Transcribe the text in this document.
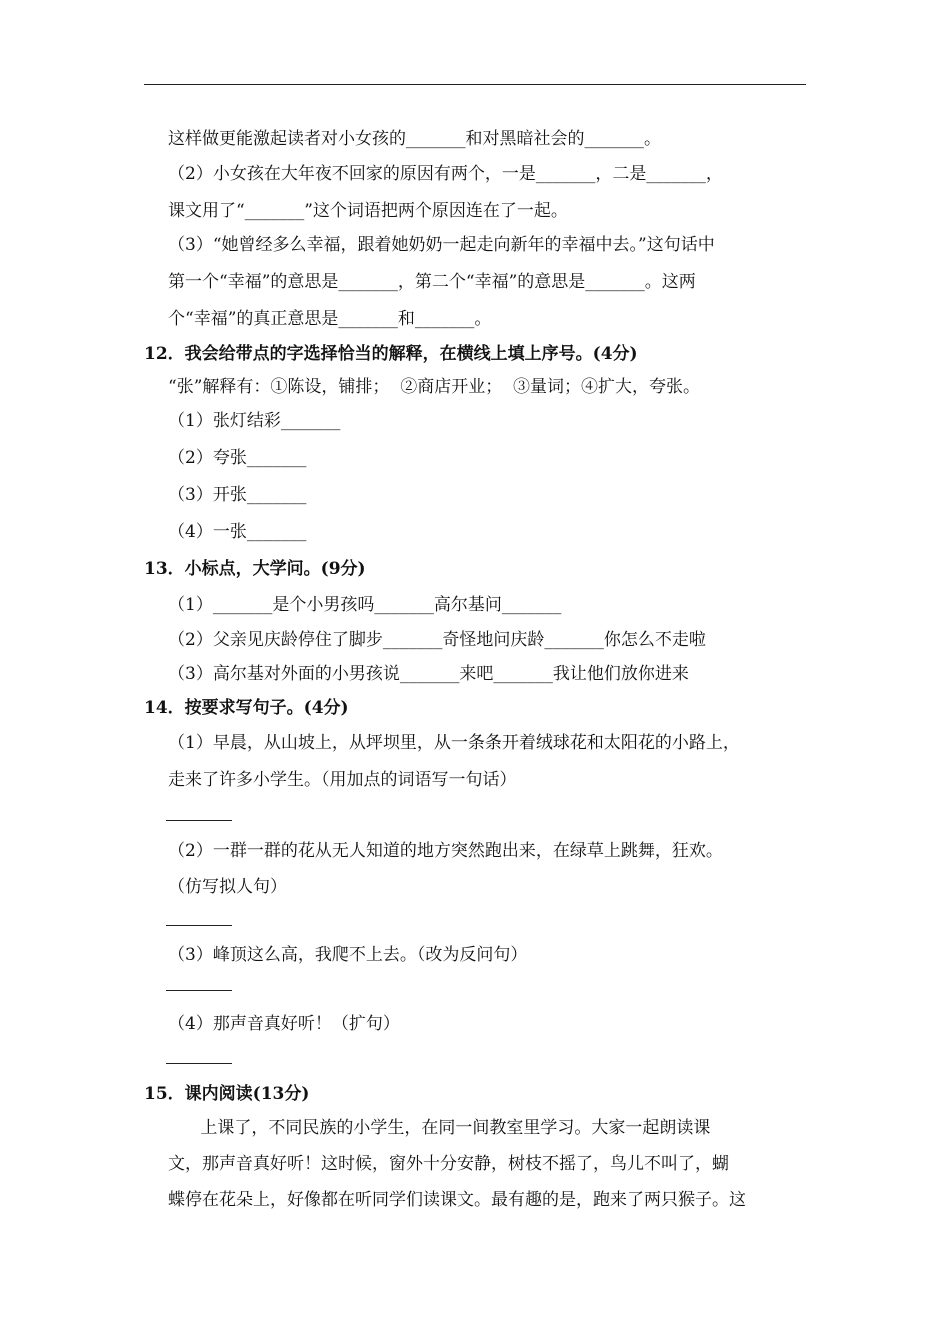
这样做更能激起读者对小女孩的_______和对黑暗社会的_______。
（2）小女孩在大年夜不回家的原因有两个，一是_______，二是_______，
课文用了“_______”这个词语把两个原因连在了一起。
（3）“她曾经多么幸福，跟着她奶奶一起走向新年的幸福中去。”这句话中
第一个“幸福”的意思是_______，第二个“幸福”的意思是_______。这两
个“幸福”的真正意思是_______和_______。
12．我会给带点的字选择恰当的解释，在横线上填上序号。(4分)
“张”解释有：①陈设，铺排；  ②商店开业；  ③量词；④扩大，夸张。
（1）张灯结彩_______
（2）夸张_______
（3）开张_______
（4）一张_______
13．小标点，大学问。(9分)
（1）_______是个小男孩吗_______高尔基问_______
（2）父亲见庆龄停住了脚步_______奇怪地问庆龄_______你怎么不走啦
（3）高尔基对外面的小男孩说_______来吧_______我让他们放你进来
14．按要求写句子。(4分)
（1）早晨，从山坡上，从坪坝里，从一条条开着绒球花和太阳花的小路上，
走来了许多小学生。（用加点的词语写一句话）
（2）一群一群的花从无人知道的地方突然跑出来，在绿草上跳舞，狂欢。
（仿写拟人句）
（3）峰顶这么高，我爬不上去。（改为反问句）
（4）那声音真好听！（扩句）
15．课内阅读(13分)
上课了，不同民族的小学生，在同一间教室里学习。大家一起朗读课
文，那声音真好听！这时候，窗外十分安静，树枝不摇了，鸟儿不叫了，蝴
蝶停在花朵上，好像都在听同学们读课文。最有趣的是，跑来了两只猴子。这
